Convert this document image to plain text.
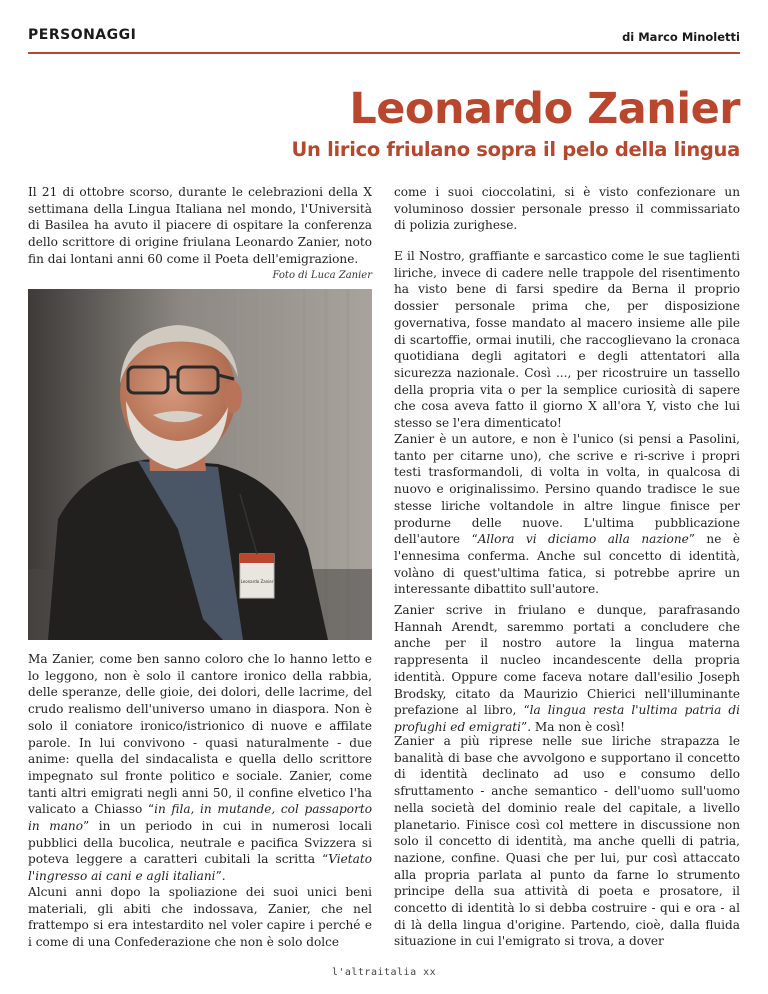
PERSONAGGI	di Marco Minoletti
Leonardo Zanier
Un lirico friulano sopra il pelo della lingua

Il 21 di ottobre scorso, durante le celebrazioni della X settimana della Lingua Italiana nel mondo, l'Università di Basilea ha avuto il piacere di ospitare la conferenza dello scrittore di origine friulana Leonardo Zanier, noto fin dai lontani anni 60 come il Poeta dell'emigrazione.

Foto di Luca Zanier
Leonardo Zanier

Ma Zanier, come ben sanno coloro che lo hanno letto e lo leggono, non è solo il cantore ironico della rabbia, delle speranze, delle gioie, dei dolori, delle lacrime, del crudo realismo dell'universo umano in diaspora. Non è solo il coniatore ironico/istrionico di nuove e affilate parole. In lui convivono - quasi naturalmente - due anime: quella del sindacalista e quella dello scrittore impegnato sul fronte politico e sociale. Zanier, come tanti altri emigrati negli anni 50, il confine elvetico l'ha valicato a Chiasso “in fila, in mutande, col passaporto in mano” in un periodo in cui in numerosi locali pubblici della bucolica, neutrale e pacifica Svizzera si poteva leggere a caratteri cubitali la scritta “Vietato l'ingresso ai cani e agli italiani”.

Alcuni anni dopo la spoliazione dei suoi unici beni materiali, gli abiti che indossava, Zanier, che nel frattempo si era intestardito nel voler capire i perché e i come di una Confederazione che non è solo dolce

come i suoi cioccolatini, si è visto confezionare un voluminoso dossier personale presso il commissariato di polizia zurighese.

E il Nostro, graffiante e sarcastico come le sue taglienti liriche, invece di cadere nelle trappole del risentimento ha visto bene di farsi spedire da Berna il proprio dossier personale prima che, per disposizione governativa, fosse mandato al macero insieme alle pile di scartoffie, ormai inutili, che raccoglievano la cronaca quotidiana degli agitatori e degli attentatori alla sicurezza nazionale. Così ..., per ricostruire un tassello della propria vita o per la semplice curiosità di sapere che cosa aveva fatto il giorno X all'ora Y, visto che lui stesso se l'era dimenticato!

Zanier è un autore, e non è l'unico (si pensi a Pasolini, tanto per citarne uno), che scrive e ri-scrive i propri testi trasformandoli, di volta in volta, in qualcosa di nuovo e originalissimo. Persino quando tradisce le sue stesse liriche voltandole in altre lingue finisce per produrne delle nuove. L'ultima pubblicazione dell'autore “Allora vi diciamo alla nazione” ne è l'ennesima conferma. Anche sul concetto di identità, volàno di quest'ultima fatica, si potrebbe aprire un interessante dibattito sull'autore.

Zanier scrive in friulano e dunque, parafrasando Hannah Arendt, saremmo portati a concludere che anche per il nostro autore la lingua materna rappresenta il nucleo incandescente della propria identità. Oppure come faceva notare dall'esilio Joseph Brodsky, citato da Maurizio Chierici nell'illuminante prefazione al libro, “la lingua resta l'ultima patria di profughi ed emigrati”. Ma non è così!

Zanier a più riprese nelle sue liriche strapazza le banalità di base che avvolgono e supportano il concetto di identità declinato ad uso e consumo dello sfruttamento - anche semantico - dell'uomo sull'uomo nella società del dominio reale del capitale, a livello planetario. Finisce così col mettere in discussione non solo il concetto di identità, ma anche quelli di patria, nazione, confine. Quasi che per lui, pur così attaccato alla propria parlata al punto da farne lo strumento principe della sua attività di poeta e prosatore, il concetto di identità lo si debba costruire - qui e ora - al di là della lingua d'origine. Partendo, cioè, dalla fluida situazione in cui l'emigrato si trova, a dover

l'altraitalia xx
